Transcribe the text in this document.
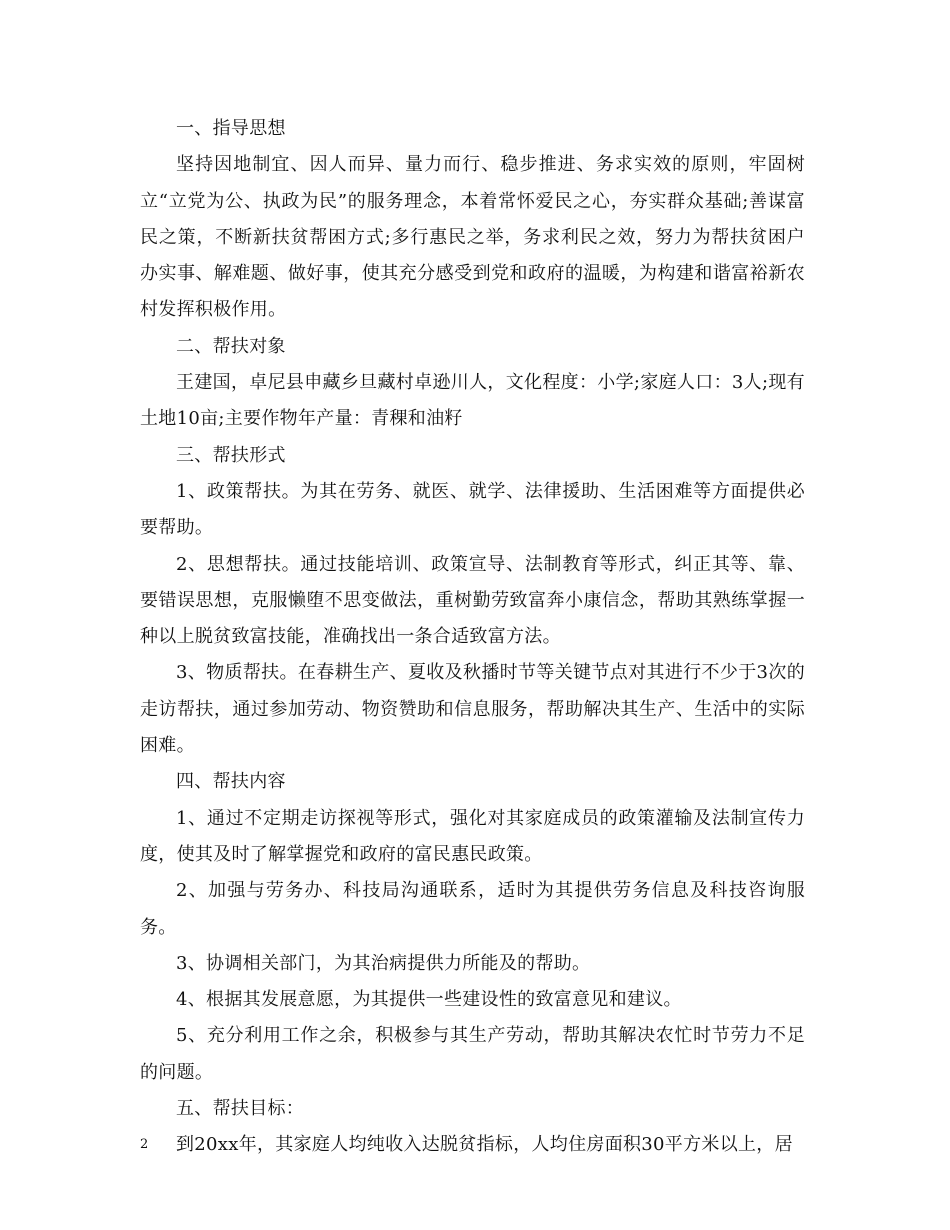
一、指导思想

坚持因地制宜、因人而异、量力而行、稳步推进、务求实效的原则，牢固树立“立党为公、执政为民”的服务理念，本着常怀爱民之心，夯实群众基础;善谋富民之策，不断新扶贫帮困方式;多行惠民之举，务求利民之效，努力为帮扶贫困户办实事、解难题、做好事，使其充分感受到党和政府的温暖，为构建和谐富裕新农村发挥积极作用。

二、帮扶对象

王建国，卓尼县申藏乡旦藏村卓逊川人，文化程度：小学;家庭人口：3人;现有土地10亩;主要作物年产量：青稞和油籽

三、帮扶形式

1、政策帮扶。为其在劳务、就医、就学、法律援助、生活困难等方面提供必要帮助。

2、思想帮扶。通过技能培训、政策宣导、法制教育等形式，纠正其等、靠、要错误思想，克服懒堕不思变做法，重树勤劳致富奔小康信念，帮助其熟练掌握一种以上脱贫致富技能，准确找出一条合适致富方法。

3、物质帮扶。在春耕生产、夏收及秋播时节等关键节点对其进行不少于3次的走访帮扶，通过参加劳动、物资赞助和信息服务，帮助解决其生产、生活中的实际困难。

四、帮扶内容

1、通过不定期走访探视等形式，强化对其家庭成员的政策灌输及法制宣传力度，使其及时了解掌握党和政府的富民惠民政策。

2、加强与劳务办、科技局沟通联系，适时为其提供劳务信息及科技咨询服务。

3、协调相关部门，为其治病提供力所能及的帮助。

4、根据其发展意愿，为其提供一些建设性的致富意见和建议。

5、充分利用工作之余，积极参与其生产劳动，帮助其解决农忙时节劳力不足的问题。

五、帮扶目标：

到20xx年，其家庭人均纯收入达脱贫指标，人均住房面积30平方米以上，居

2
